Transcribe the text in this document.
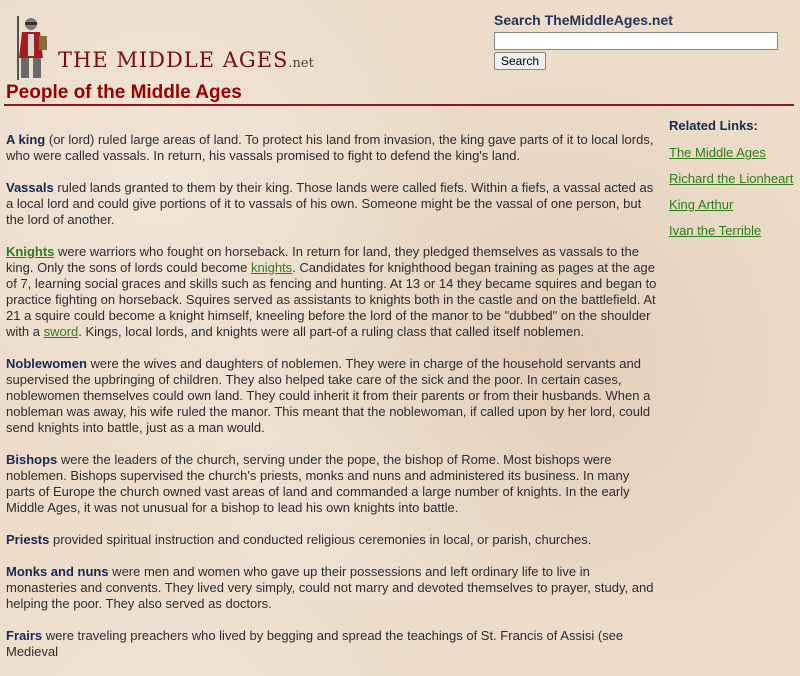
THE MIDDLE AGES.net
Search TheMiddleAges.net
Search
People of the Middle Ages

A king (or lord) ruled large areas of land. To protect his land from invasion, the king gave parts of it to local lords, who were called vassals. In return, his vassals promised to fight to defend the king's land.

Vassals ruled lands granted to them by their king. Those lands were called fiefs. Within a fiefs, a vassal acted as a local lord and could give portions of it to vassals of his own. Someone might be the vassal of one person, but the lord of another.

Knights were warriors who fought on horseback. In return for land, they pledged themselves as vassals to the king. Only the sons of lords could become knights. Candidates for knighthood began training as pages at the age of 7, learning social graces and skills such as fencing and hunting. At 13 or 14 they became squires and began to practice fighting on horseback. Squires served as assistants to knights both in the castle and on the battlefield. At 21 a squire could become a knight himself, kneeling before the lord of the manor to be "dubbed" on the shoulder with a sword. Kings, local lords, and knights were all part-of a ruling class that called itself noblemen.

Noblewomen were the wives and daughters of noblemen. They were in charge of the household servants and supervised the upbringing of children. They also helped take care of the sick and the poor. In certain cases, noblewomen themselves could own land. They could inherit it from their parents or from their husbands. When a nobleman was away, his wife ruled the manor. This meant that the noblewoman, if called upon by her lord, could send knights into battle, just as a man would.

Bishops were the leaders of the church, serving under the pope, the bishop of Rome. Most bishops were noblemen. Bishops supervised the church's priests, monks and nuns and administered its business. In many parts of Europe the church owned vast areas of land and commanded a large number of knights. In the early Middle Ages, it was not unusual for a bishop to lead his own knights into battle.

Priests provided spiritual instruction and conducted religious ceremonies in local, or parish, churches.

Monks and nuns were men and women who gave up their possessions and left ordinary life to live in monasteries and convents. They lived very simply, could not marry and devoted themselves to prayer, study, and helping the poor. They also served as doctors.

Frairs were traveling preachers who lived by begging and spread the teachings of St. Francis of Assisi (see Medieval

Related Links:
The Middle Ages
Richard the Lionheart
King Arthur
Ivan the Terrible
